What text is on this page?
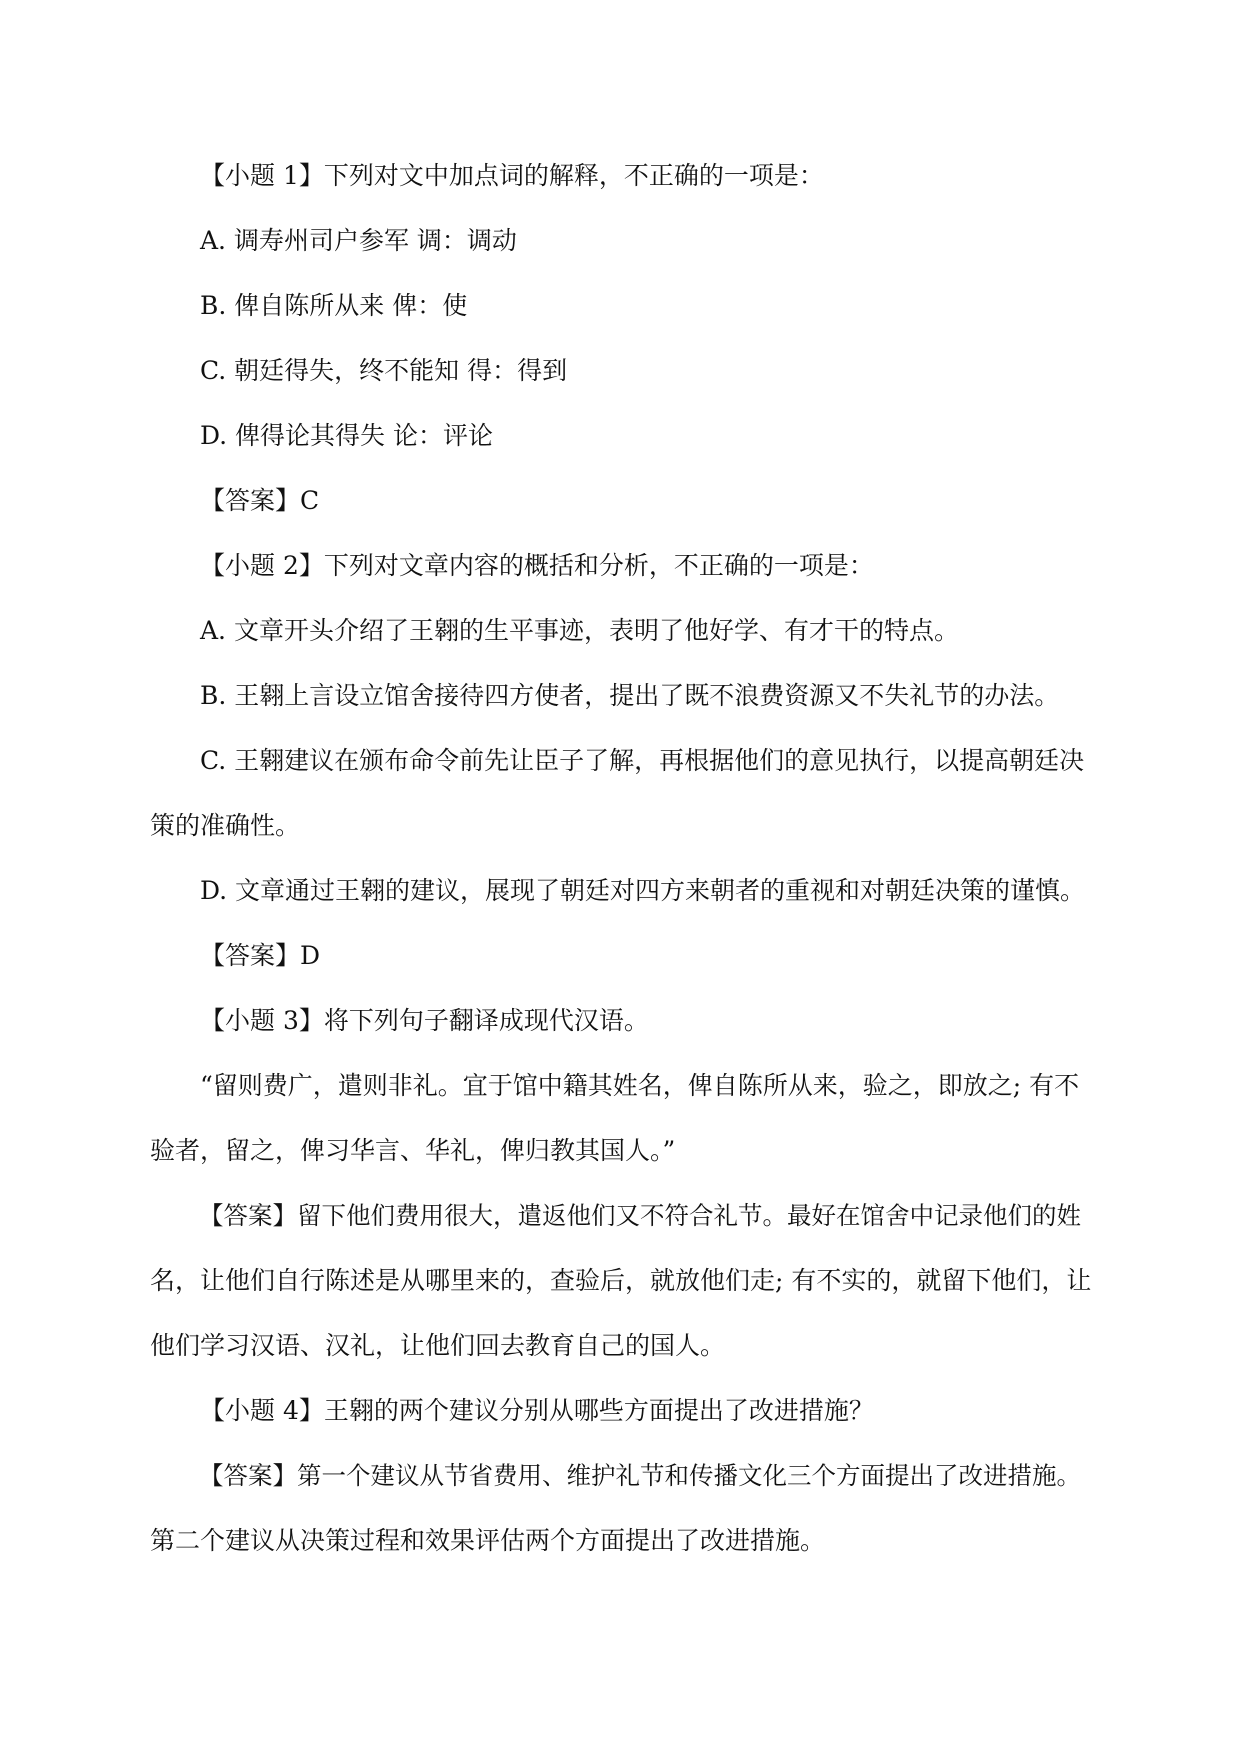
【小题 1】下列对文中加点词的解释，不正确的一项是：

A. 调寿州司户参军 调：调动

B. 俾自陈所从来 俾：使

C. 朝廷得失，终不能知 得：得到

D. 俾得论其得失 论：评论

【答案】C

【小题 2】下列对文章内容的概括和分析，不正确的一项是：

A. 文章开头介绍了王翱的生平事迹，表明了他好学、有才干的特点。

B. 王翱上言设立馆舍接待四方使者，提出了既不浪费资源又不失礼节的办法。

C. 王翱建议在颁布命令前先让臣子了解，再根据他们的意见执行，以提高朝廷决

策的准确性。

D. 文章通过王翱的建议，展现了朝廷对四方来朝者的重视和对朝廷决策的谨慎。

【答案】D

【小题 3】将下列句子翻译成现代汉语。

“留则费广，遣则非礼。宜于馆中籍其姓名，俾自陈所从来，验之，即放之; 有不

验者，留之，俾习华言、华礼，俾归教其国人。”

【答案】留下他们费用很大，遣返他们又不符合礼节。最好在馆舍中记录他们的姓

名，让他们自行陈述是从哪里来的，查验后，就放他们走; 有不实的，就留下他们，让

他们学习汉语、汉礼，让他们回去教育自己的国人。

【小题 4】王翱的两个建议分别从哪些方面提出了改进措施？

【答案】第一个建议从节省费用、维护礼节和传播文化三个方面提出了改进措施。

第二个建议从决策过程和效果评估两个方面提出了改进措施。
